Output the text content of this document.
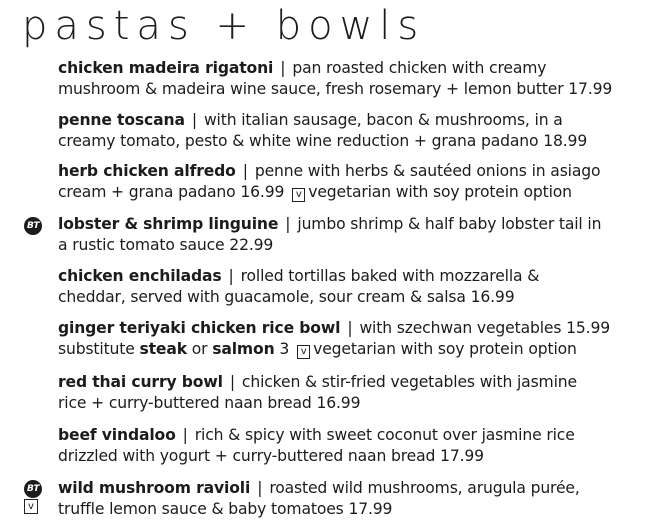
pastas + bowls
chicken madeira rigatoni | pan roasted chicken with creamy
mushroom & madeira wine sauce, fresh rosemary + lemon butter 17.99
penne toscana | with italian sausage, bacon & mushrooms, in a
creamy tomato, pesto & white wine reduction + grana padano 18.99
herb chicken alfredo | penne with herbs & sautéed onions in asiago
cream + grana padano 16.99 v vegetarian with soy protein option
BT lobster & shrimp linguine | jumbo shrimp & half baby lobster tail in
a rustic tomato sauce 22.99
chicken enchiladas | rolled tortillas baked with mozzarella &
cheddar, served with guacamole, sour cream & salsa 16.99
ginger teriyaki chicken rice bowl | with szechwan vegetables 15.99
substitute steak or salmon 3 v vegetarian with soy protein option
red thai curry bowl | chicken & stir-fried vegetables with jasmine
rice + curry-buttered naan bread 16.99
beef vindaloo | rich & spicy with sweet coconut over jasmine rice
drizzled with yogurt + curry-buttered naan bread 17.99
BT
v
wild mushroom ravioli | roasted wild mushrooms, arugula purée,
truffle lemon sauce & baby tomatoes 17.99
